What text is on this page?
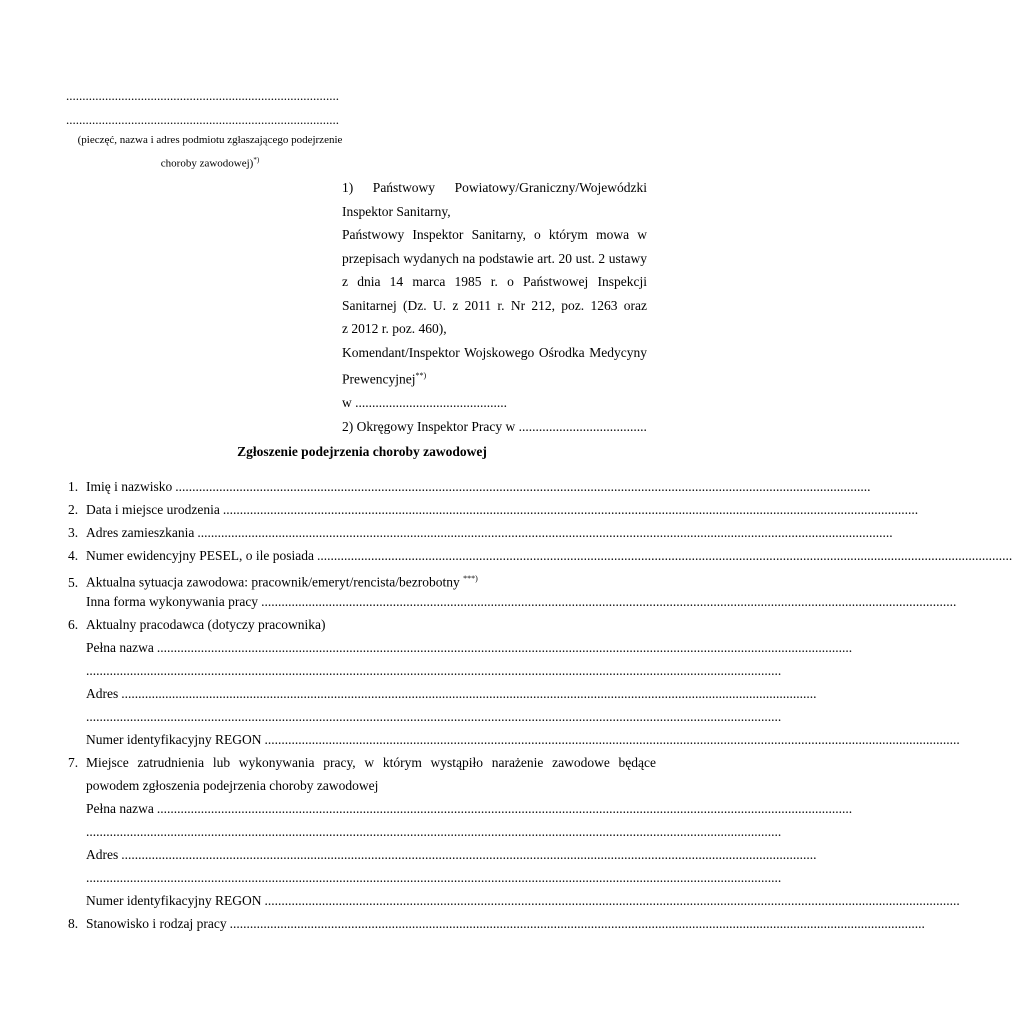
....................................................................................
....................................................................................
(pieczęć, nazwa i adres podmiotu zgłaszającego podejrzenie
choroby zawodowej)*)
1) Państwowy Powiatowy/Graniczny/Wojewódzki
Inspektor Sanitarny,
Państwowy Inspektor Sanitarny, o którym mowa w
przepisach wydanych na podstawie art. 20 ust. 2 ustawy
z dnia 14 marca 1985 r. o Państwowej Inspekcji
Sanitarnej (Dz. U. z 2011 r. Nr 212, poz. 1263 oraz
z 2012 r. poz. 460),
Komendant/Inspektor Wojskowego Ośrodka Medycyny
Prewencyjnej**)
w .............................................
2) Okręgowy Inspektor Pracy w ......................................
Zgłoszenie podejrzenia choroby zawodowej
1. Imię i nazwisko ..............................................................................................................................................................................................................
2. Data i miejsce urodzenia ..............................................................................................................................................................................................................
3. Adres zamieszkania ..............................................................................................................................................................................................................
4. Numer ewidencyjny PESEL, o ile posiada ..............................................................................................................................................................................................................
5. Aktualna sytuacja zawodowa: pracownik/emeryt/rencista/bezrobotny ***)
Inna forma wykonywania pracy ..............................................................................................................................................................................................................
6. Aktualny pracodawca (dotyczy pracownika)
Pełna nazwa ..............................................................................................................................................................................................................
..............................................................................................................................................................................................................
Adres ..............................................................................................................................................................................................................
..............................................................................................................................................................................................................
Numer identyfikacyjny REGON ..............................................................................................................................................................................................................
7. Miejsce zatrudnienia lub wykonywania pracy, w którym wystąpiło narażenie zawodowe będące
powodem zgłoszenia podejrzenia choroby zawodowej
Pełna nazwa ..............................................................................................................................................................................................................
..............................................................................................................................................................................................................
Adres ..............................................................................................................................................................................................................
..............................................................................................................................................................................................................
Numer identyfikacyjny REGON ..............................................................................................................................................................................................................
8. Stanowisko i rodzaj pracy ..............................................................................................................................................................................................................
